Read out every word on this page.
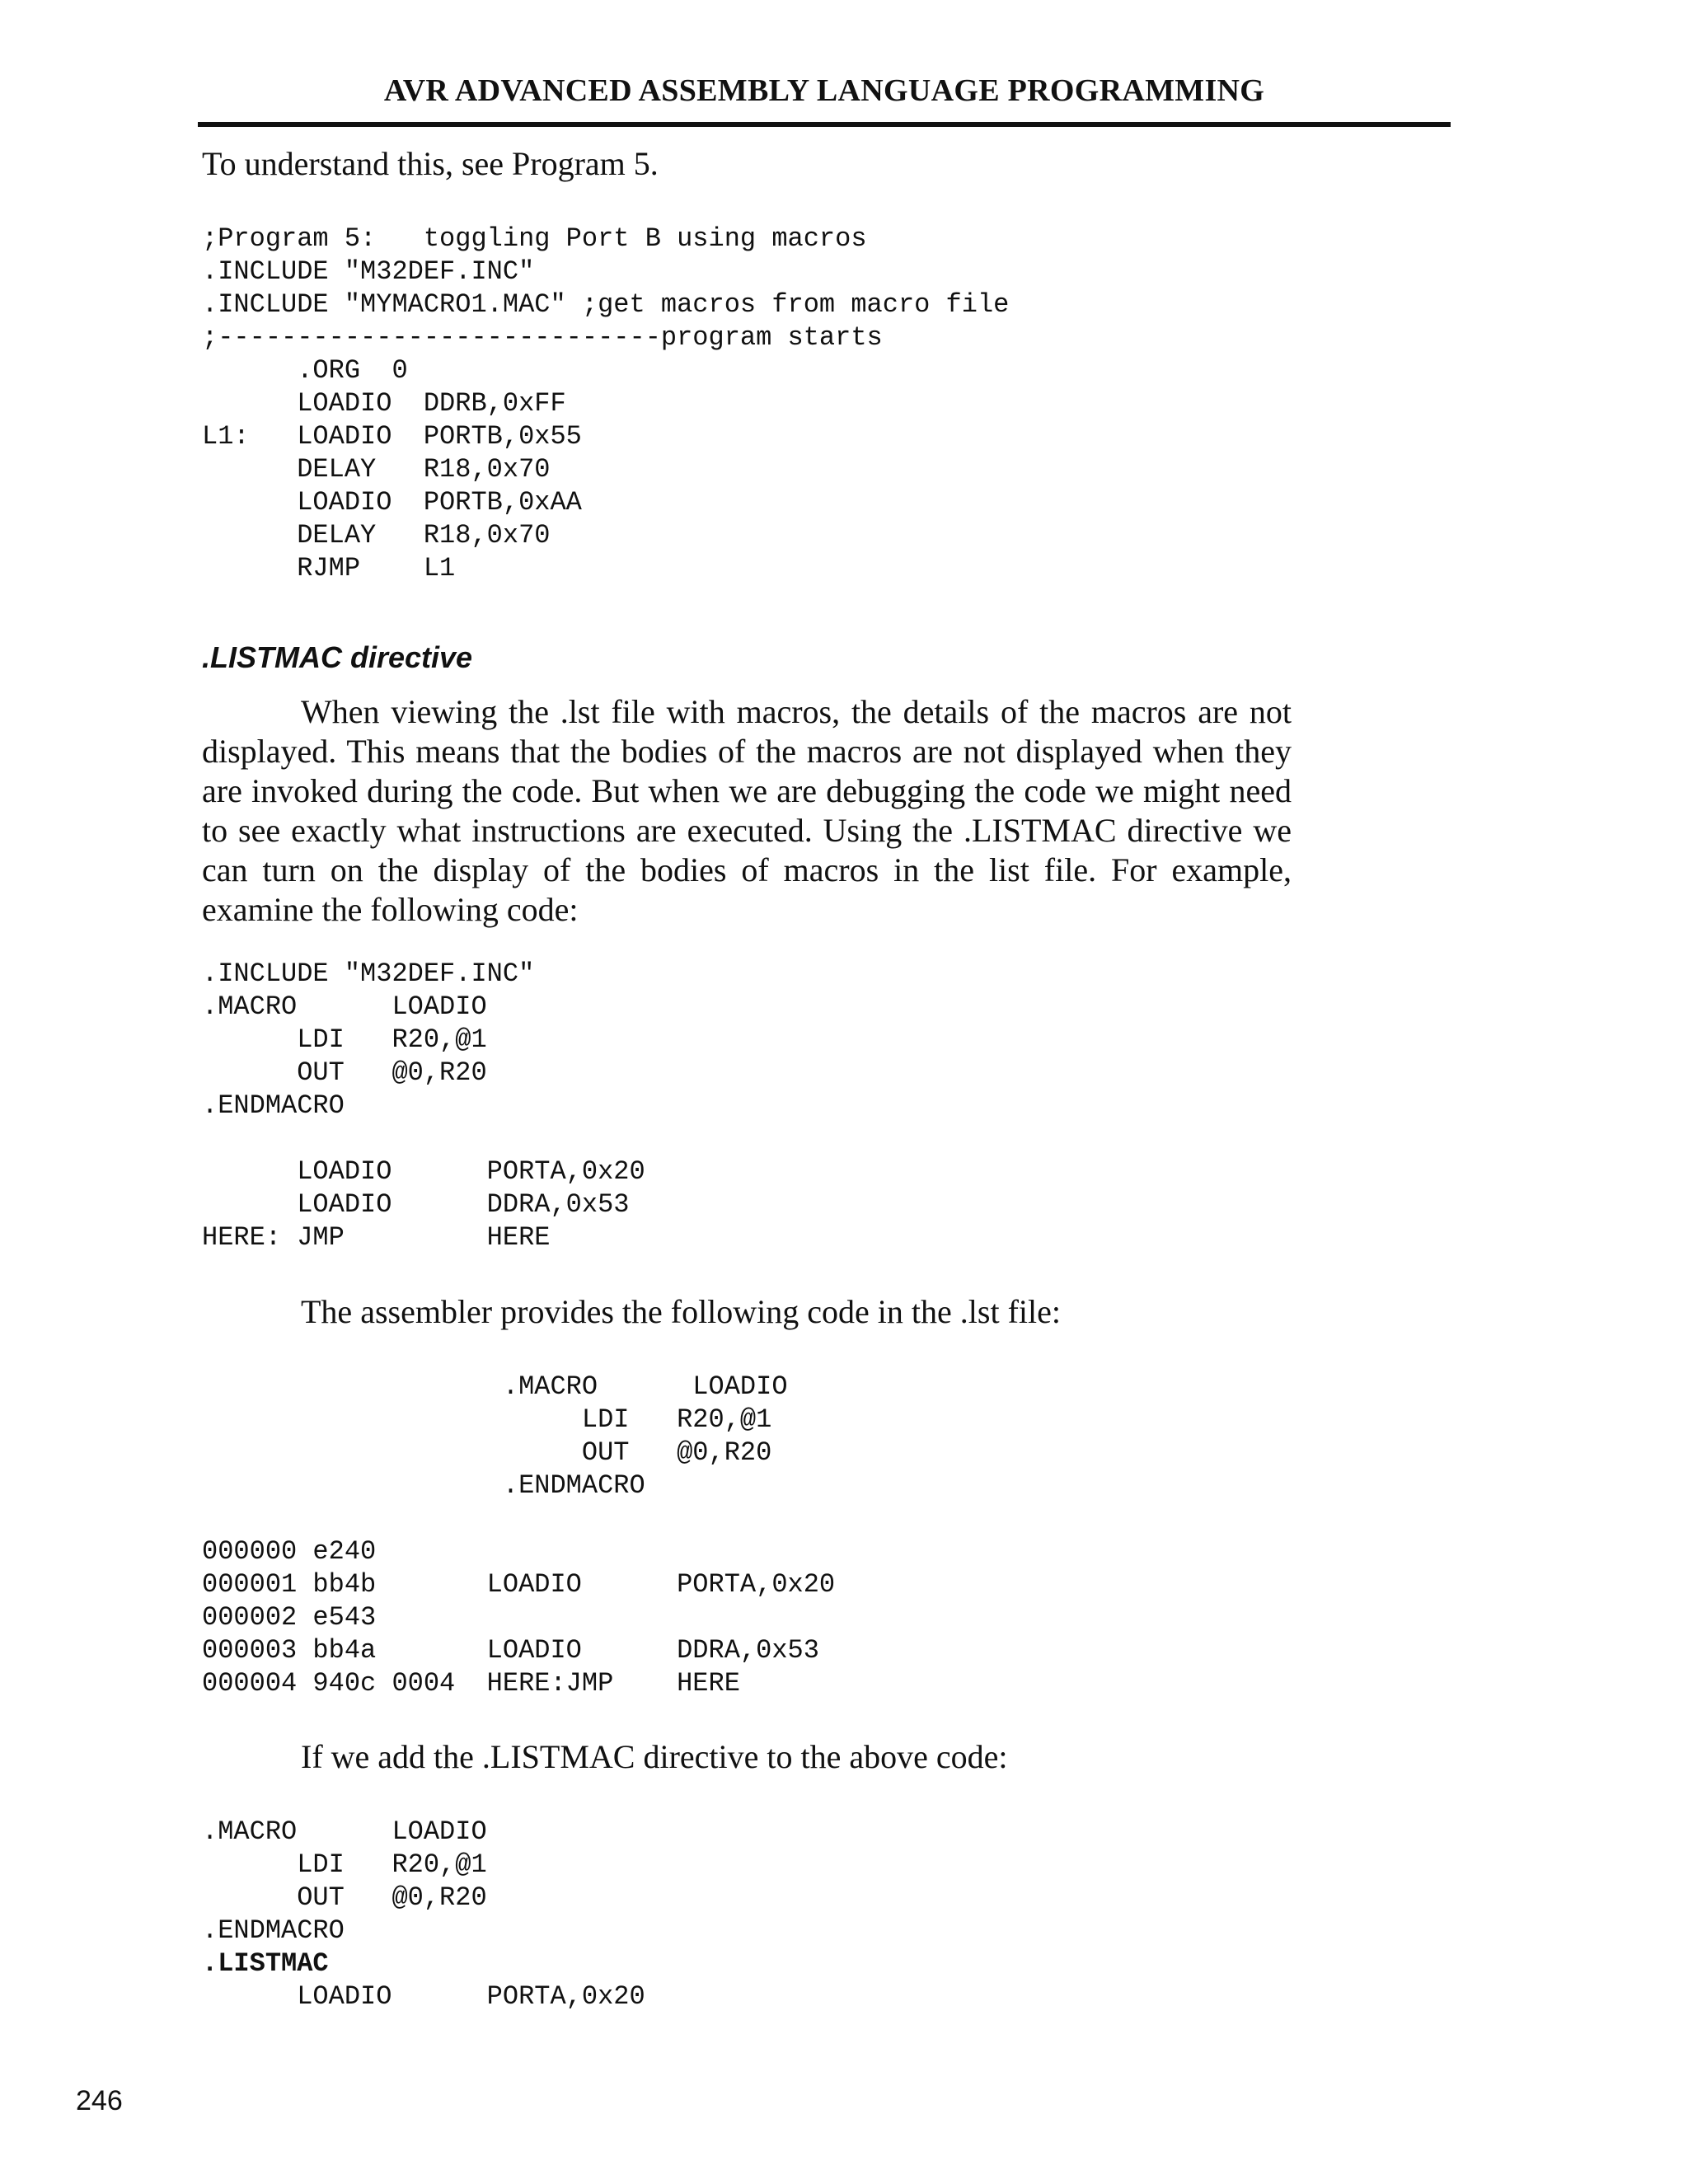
AVR ADVANCED ASSEMBLY LANGUAGE PROGRAMMING

To understand this, see Program 5.

;Program 5:   toggling Port B using macros
.INCLUDE "M32DEF.INC"
.INCLUDE "MYMACRO1.MAC" ;get macros from macro file
;----------------------------program starts
.ORG  0
LOADIO  DDRB,0xFF
L1:   LOADIO  PORTB,0x55
DELAY   R18,0x70
LOADIO  PORTB,0xAA
DELAY   R18,0x70
RJMP    L1
.LISTMAC directive

When viewing the .lst file with macros, the details of the macros are not displayed. This means that the bodies of the macros are not displayed when they are invoked during the code. But when we are debugging the code we might need to see exactly what instructions are executed. Using the .LISTMAC directive we can turn on the display of the bodies of macros in the list file. For example, examine the following code:

.INCLUDE "M32DEF.INC"
.MACRO      LOADIO
LDI   R20,@1
OUT   @0,R20
.ENDMACRO

LOADIO      PORTA,0x20
LOADIO      DDRA,0x53
HERE: JMP         HERE

The assembler provides the following code in the .lst file:

.MACRO      LOADIO
LDI   R20,@1
OUT   @0,R20
.ENDMACRO

000000 e240
000001 bb4b       LOADIO      PORTA,0x20
000002 e543
000003 bb4a       LOADIO      DDRA,0x53
000004 940c 0004  HERE:JMP    HERE

If we add the .LISTMAC directive to the above code:

.MACRO      LOADIO
LDI   R20,@1
OUT   @0,R20
.ENDMACRO
.LISTMAC
LOADIO      PORTA,0x20
246
